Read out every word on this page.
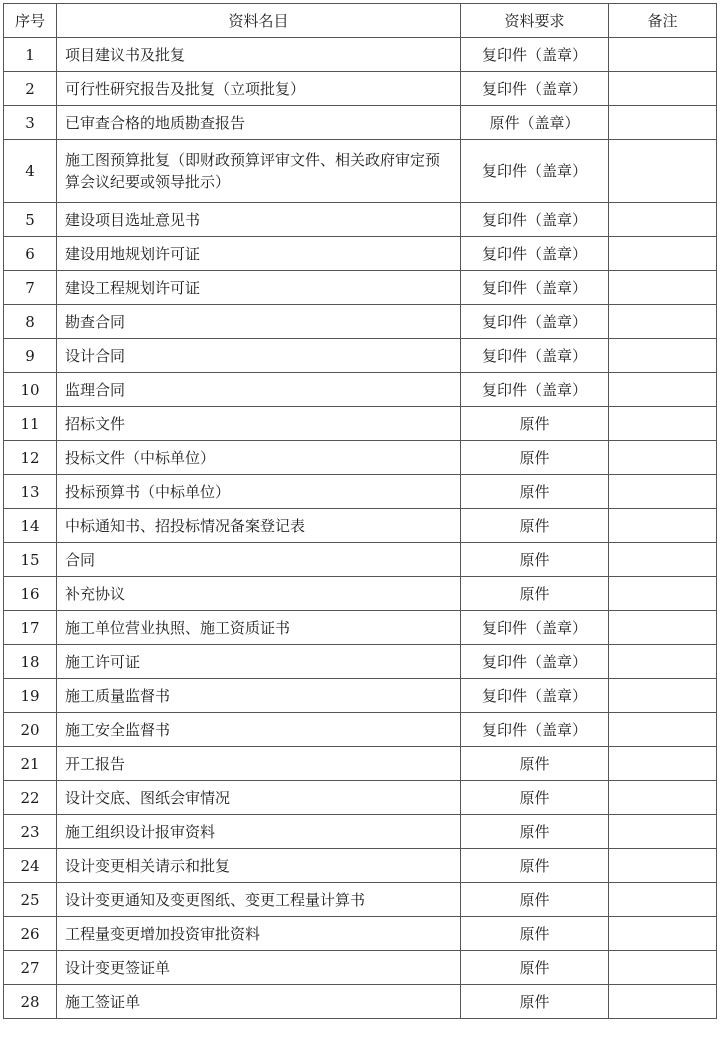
序号	资料名目	资料要求	备注
1	项目建议书及批复	复印件（盖章）	
2	可行性研究报告及批复（立项批复）	复印件（盖章）	
3	已审查合格的地质勘查报告	原件（盖章）	
4	施工图预算批复（即财政预算评审文件、相关政府审定预算会议纪要或领导批示）	复印件（盖章）	
5	建设项目选址意见书	复印件（盖章）	
6	建设用地规划许可证	复印件（盖章）	
7	建设工程规划许可证	复印件（盖章）	
8	勘查合同	复印件（盖章）	
9	设计合同	复印件（盖章）	
10	监理合同	复印件（盖章）	
11	招标文件	原件	
12	投标文件（中标单位）	原件	
13	投标预算书（中标单位）	原件	
14	中标通知书、招投标情况备案登记表	原件	
15	合同	原件	
16	补充协议	原件	
17	施工单位营业执照、施工资质证书	复印件（盖章）	
18	施工许可证	复印件（盖章）	
19	施工质量监督书	复印件（盖章）	
20	施工安全监督书	复印件（盖章）	
21	开工报告	原件	
22	设计交底、图纸会审情况	原件	
23	施工组织设计报审资料	原件	
24	设计变更相关请示和批复	原件	
25	设计变更通知及变更图纸、变更工程量计算书	原件	
26	工程量变更增加投资审批资料	原件	
27	设计变更签证单	原件	
28	施工签证单	原件	
